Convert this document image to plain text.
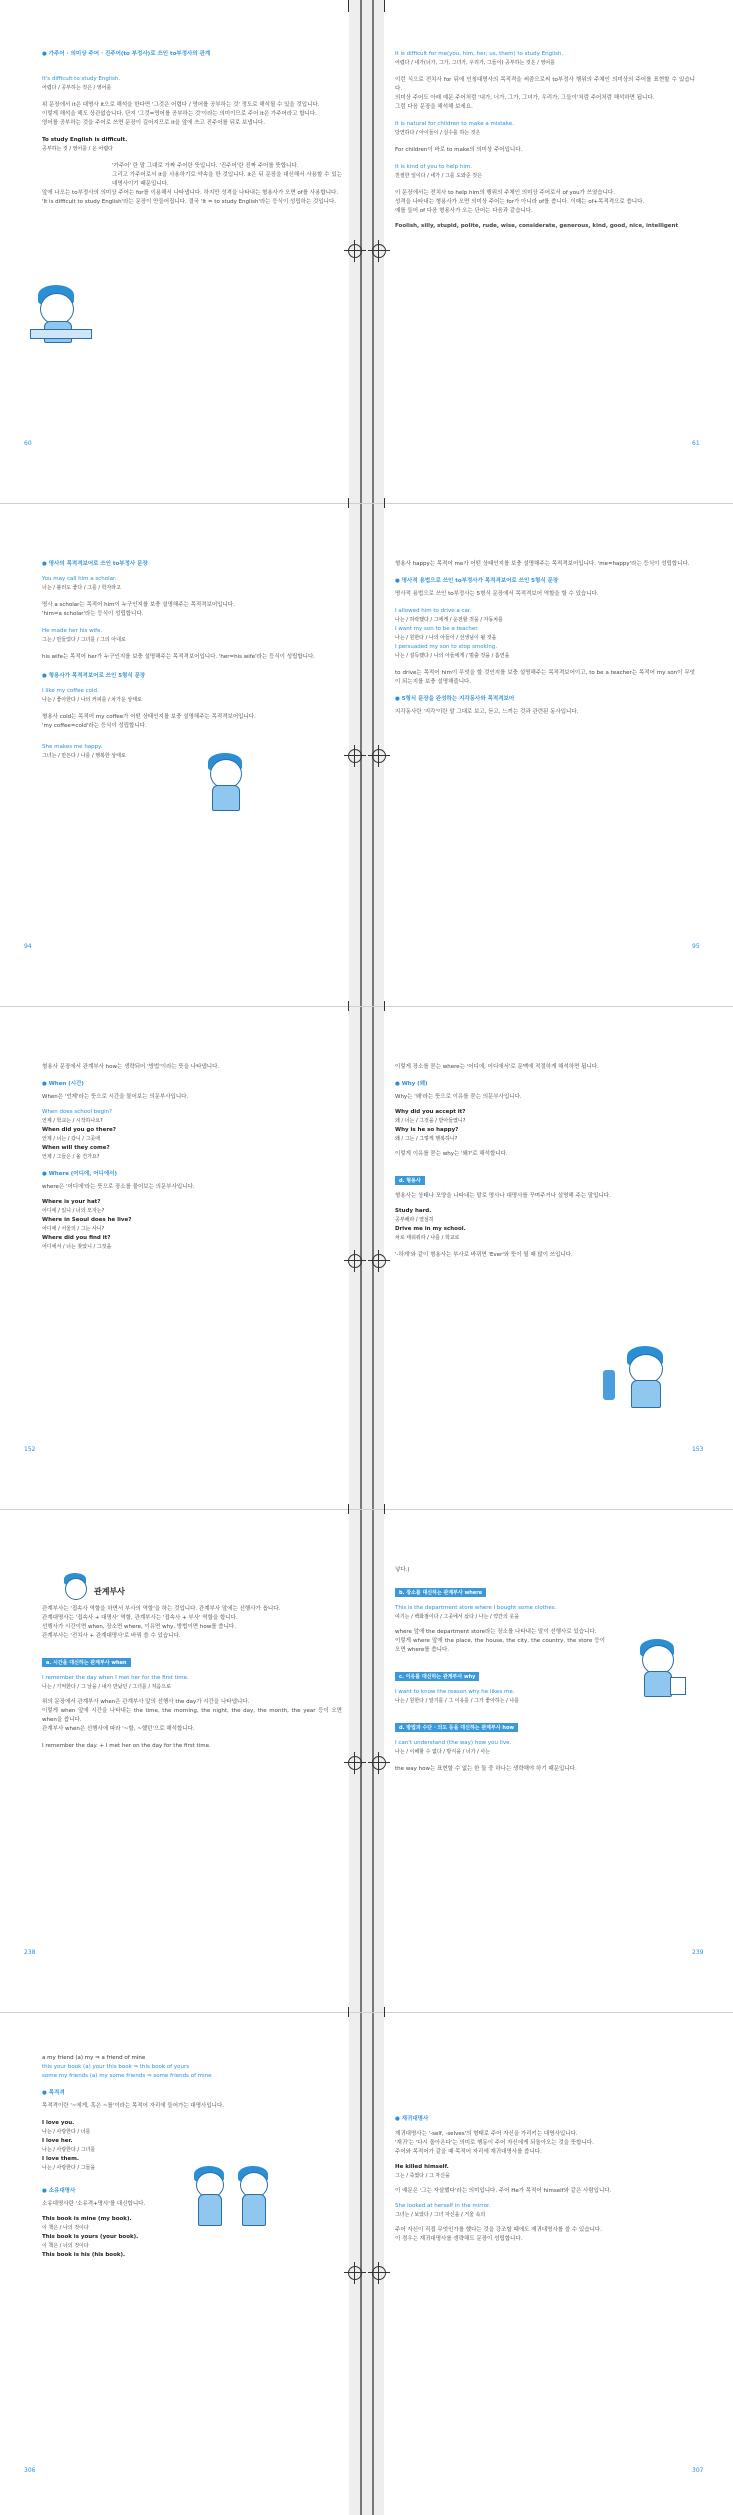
● 가주어 · 의미상 주어 · 진주어(to 부정사)로 쓰인 to부정사의 관계
It's difficult to study English.
어렵다 / 공부하는 것은 / 영어를
위 문장에서 it은 대명사 it으로 해석을 한다면 '그것은 어렵다 / 영어를 공부하는 것' 정도로 해석될 수 있을 것입니다.
이렇게 해석을 해도 상관없습니다. 단지 '그것=영어를 공부하는 것'이라는 의미이므로 주어 it은 가주어라고 합니다.
영어를 공부하는 것을 주어로 쓰면 문장이 길어지므로 it을 앞에 쓰고 진주어를 뒤로 보냅니다.
To study English is difficult.
공부하는 것 / 영어를 / 은 어렵다
'가주어' 란 말 그대로 가짜 주어란 뜻입니다. '진주어'란 진짜 주어를 뜻합니다.
그리고 가주어로서 it을 사용하기로 약속을 한 것입니다. it은 뒤 문장을 대신해서 사용할 수 있는 대명사이기 때문입니다.
앞에 나오는 to부정사의 의미상 주어는 for를 이용해서 나타냅니다. 하지만 성격을 나타내는 형용사가 오면 of를 사용합니다.
'It is difficult to study English'라는 문장이 만들어집니다. 결국 'It = to study English'라는 등식이 성립하는 것입니다.
60
It is difficult for me(you, him, her, us, them) to study English.
어렵다 / 내가(너가, 그가, 그녀가, 우리가, 그들이) 공부하는 것은 / 영어를
이런 식으로 전치사 for 뒤에 인칭대명사의 목적격을 써줌으로써 to부정사 행위의 주체인 의미상의 주어를 표현할 수 있습니다.
의미상 주어도 아래 예문 주어처럼 '내가, 너가, 그가, 그녀가, 우리가, 그들이'처럼 주어처럼 해석하면 됩니다.
그럼 다음 문장을 해석해 보세요.
It is natural for children to make a mistake.
당연하다 / 아이들이 / 실수를 하는 것은
For children이 바로 to make의 의미상 주어입니다.
It is kind of you to help him.
친절한 일이다 / 네가 / 그를 도와준 것은
이 문장에서는 전치사 to help him의 행위의 주체인 의미상 주어로서 of you가 쓰였습니다.
성격을 나타내는 형용사가 오면 의미상 주어는 for가 아니라 of를 씁니다. 이때는 of+목적격으로 씁니다.
예를 들어 of 다음 형용사가 오는 단어는 다음과 같습니다.
Foolish, silly, stupid, polite, rude, wise, considerate, generous, kind, good, nice, intelligent
61
● 명사의 목적격보어로 쓰인 to부정사 문장
You may call him a scholar.
너는 / 불러도 좋다 / 그를 / 학자라고
명사 a scholar는 목적어 him이 누구인지를 보충 설명해주는 목적격보어입니다.
'him=a scholar'라는 등식이 성립합니다.
He made her his wife.
그는 / 만들었다 / 그녀를 / 그의 아내로
his wife는 목적어 her가 누구인지를 보충 설명해주는 목적격보어입니다. 'her=his wife'라는 등식이 성립합니다.
● 형용사가 목적격보어로 쓰인 5형식 문장
I like my coffee cold.
나는 / 좋아한다 / 나의 커피를 / 차가운 상태로
형용사 cold는 목적어 my coffee가 어떤 상태인지를 보충 설명해주는 목적격보어입니다.
'my coffee=cold'라는 등식이 성립합니다.
She makes me happy.
그녀는 / 만든다 / 나를 / 행복한 상태로
94
형용사 happy는 목적어 me가 어떤 상태인지를 보충 설명해주는 목적격보어입니다. 'me=happy'라는 등식이 성립합니다.
● 명사적 용법으로 쓰인 to부정사가 목적격보어로 쓰인 5형식 문장
명사적 용법으로 쓰인 to부정사는 5형식 문장에서 목적격보어 역할을 할 수 있습니다.
I allowed him to drive a car.
나는 / 허락했다 / 그에게 / 운전할 것을 / 자동차를
I want my son to be a teacher.
나는 / 원한다 / 나의 아들이 / 선생님이 될 것을
I persuaded my son to stop smoking.
나는 / 설득했다 / 나의 아들에게 / 멈출 것을 / 흡연을
to drive는 목적어 him이 무엇을 할 것인지를 보충 설명해주는 목적격보어이고, to be a teacher는 목적어 my son이 무엇이 되는지를 보충 설명해줍니다.
● 5형식 문장을 완성하는 지각동사와 목적격보어
지각동사란 '지각'이란 말 그대로 보고, 듣고, 느끼는 것과 관련된 동사입니다.
95
형용사 문장에서 관계부사 how는 생략되어 '방법'이라는 뜻을 나타냅니다.
● When (시간)
When은 '언제'라는 뜻으로 시간을 물어보는 의문부사입니다.
When does school begin?
언제 / 학교는 / 시작하나요?
When did you go there?
언제 / 너는 / 갔니 / 그곳에
When will they come?
언제 / 그들은 / 올 건가요?
● Where (어디에, 어디에서)
where은 '어디에'라는 뜻으로 장소를 물어보는 의문부사입니다.
Where is your hat?
어디에 / 있니 / 너의 모자는?
Where in Seoul does he live?
어디에 / 서울의 / 그는 사니?
Where did you find it?
어디에서 / 너는 찾았니 / 그것을
152
이렇게 장소를 묻는 where는 '어디에, 어디에서'로 문맥에 적절하게 해석하면 됩니다.
● Why (왜)
Why는 '왜'라는 뜻으로 이유를 묻는 의문부사입니다.
Why did you accept it?
왜 / 너는 / 그것을 / 받아들였니?
Why is he so happy?
왜 / 그는 / 그렇게 행복하니?
이렇게 이유를 묻는 why는 '왜?'로 해석합니다.
d. 형용사
형용사는 상태나 모양을 나타내는 말로 명사나 대명사를 꾸며주거나 설명해 주는 말입니다.
Study hard.
공부해라 / 열심히
Drive me in my school.
차로 태워줘라 / 나를 / 학교로
'-하게'와 같이 형용사는 부사로 바뀌면 'Ever'와 뜻이 될 때 많이 쓰입니다.
153
관계부사
관계부사는 '접속사 역할을 하면서 부사의 역할'을 하는 것입니다. 관계부사 앞에는 선행사가 옵니다.
관계대명사는 '접속사 + 대명사' 역할, 관계부사는 '접속사 + 부사' 역할을 합니다.
선행사가 시간이면 when, 장소면 where, 이유면 why, 방법이면 how를 씁니다.
관계부사는 '전치사 + 관계대명사'로 바꿔 쓸 수 있습니다.
a. 시간을 대신하는 관계부사 when
I remember the day when I met her for the first time.
나는 / 기억한다 / 그 날을 / 내가 만났던 / 그녀를 / 처음으로
위의 문장에서 관계부사 when은 관계부사 앞의 선행사 the day가 시간을 나타냅니다.
이렇게 when 앞에 시간을 나타내는 the time, the morning, the night, the day, the month, the year 등이 오면 when을 씁니다.
관계부사 when은 선행사에 따라 '~할, ~했던'으로 해석합니다.
I remember the day. + I met her on the day for the first time.
238
넣다.)
b. 장소를 대신하는 관계부사 where
This is the department store where I bought some clothes.
여기는 / 백화점이다 / 그곳에서 샀다 / 나는 / 약간의 옷을
where 앞에 the department store라는 장소를 나타내는 말이 선행사로 있습니다.
이렇게 where 앞에 the place, the house, the city, the country, the store 등이 오면 where를 씁니다.
c. 이유를 대신하는 관계부사 why
I want to know the reason why he likes me.
나는 / 원한다 / 알기를 / 그 이유를 / 그가 좋아하는 / 나를
d. 방법과 수단 · 의도 등을 대신하는 관계부사 how
I can't understand (the way) how you live.
나는 / 이해할 수 없다 / 방식을 / 너가 / 사는
the way how는 표현할 수 없는 한 둘 중 하나는 생략해야 하기 때문입니다.
239
a my friend (a) my ⇒ a friend of mine
this your book (a) your this book ⇒ this book of yours
some my friends (a) my some friends ⇒ some friends of mine
● 목적격
목적격이란 '~에게, 혹은 ~를'이라는 목적어 자리에 들어가는 대명사입니다.
I love you.
나는 / 사랑한다 / 너를
I love her.
나는 / 사랑한다 / 그녀를
I love them.
나는 / 사랑한다 / 그들을
● 소유대명사
소유대명사란 '소유격+명사'를 대신합니다.
This book is mine (my book).
이 책은 / 나의 것이다
This book is yours (your book).
이 책은 / 너의 것이다
This book is his (his book).
306
● 재귀대명사
재귀대명사는 '-self, -selves'의 형태로 주어 자신을 가리키는 대명사입니다.
'재귀'는 '다시 돌아온다'는 의미로 행동이 주어 자신에게 되돌아오는 것을 뜻합니다.
주어와 목적어가 같을 때 목적어 자리에 재귀대명사를 씁니다.
He killed himself.
그는 / 죽였다 / 그 자신을
이 예문은 '그는 자살했다'라는 의미입니다. 주어 He가 목적어 himself와 같은 사람입니다.
She looked at herself in the mirror.
그녀는 / 보았다 / 그녀 자신을 / 거울 속의
주어 자신이 직접 무엇인가를 했다는 것을 강조할 때에도 재귀대명사를 쓸 수 있습니다.
이 경우는 재귀대명사를 생략해도 문장이 성립합니다.
307
